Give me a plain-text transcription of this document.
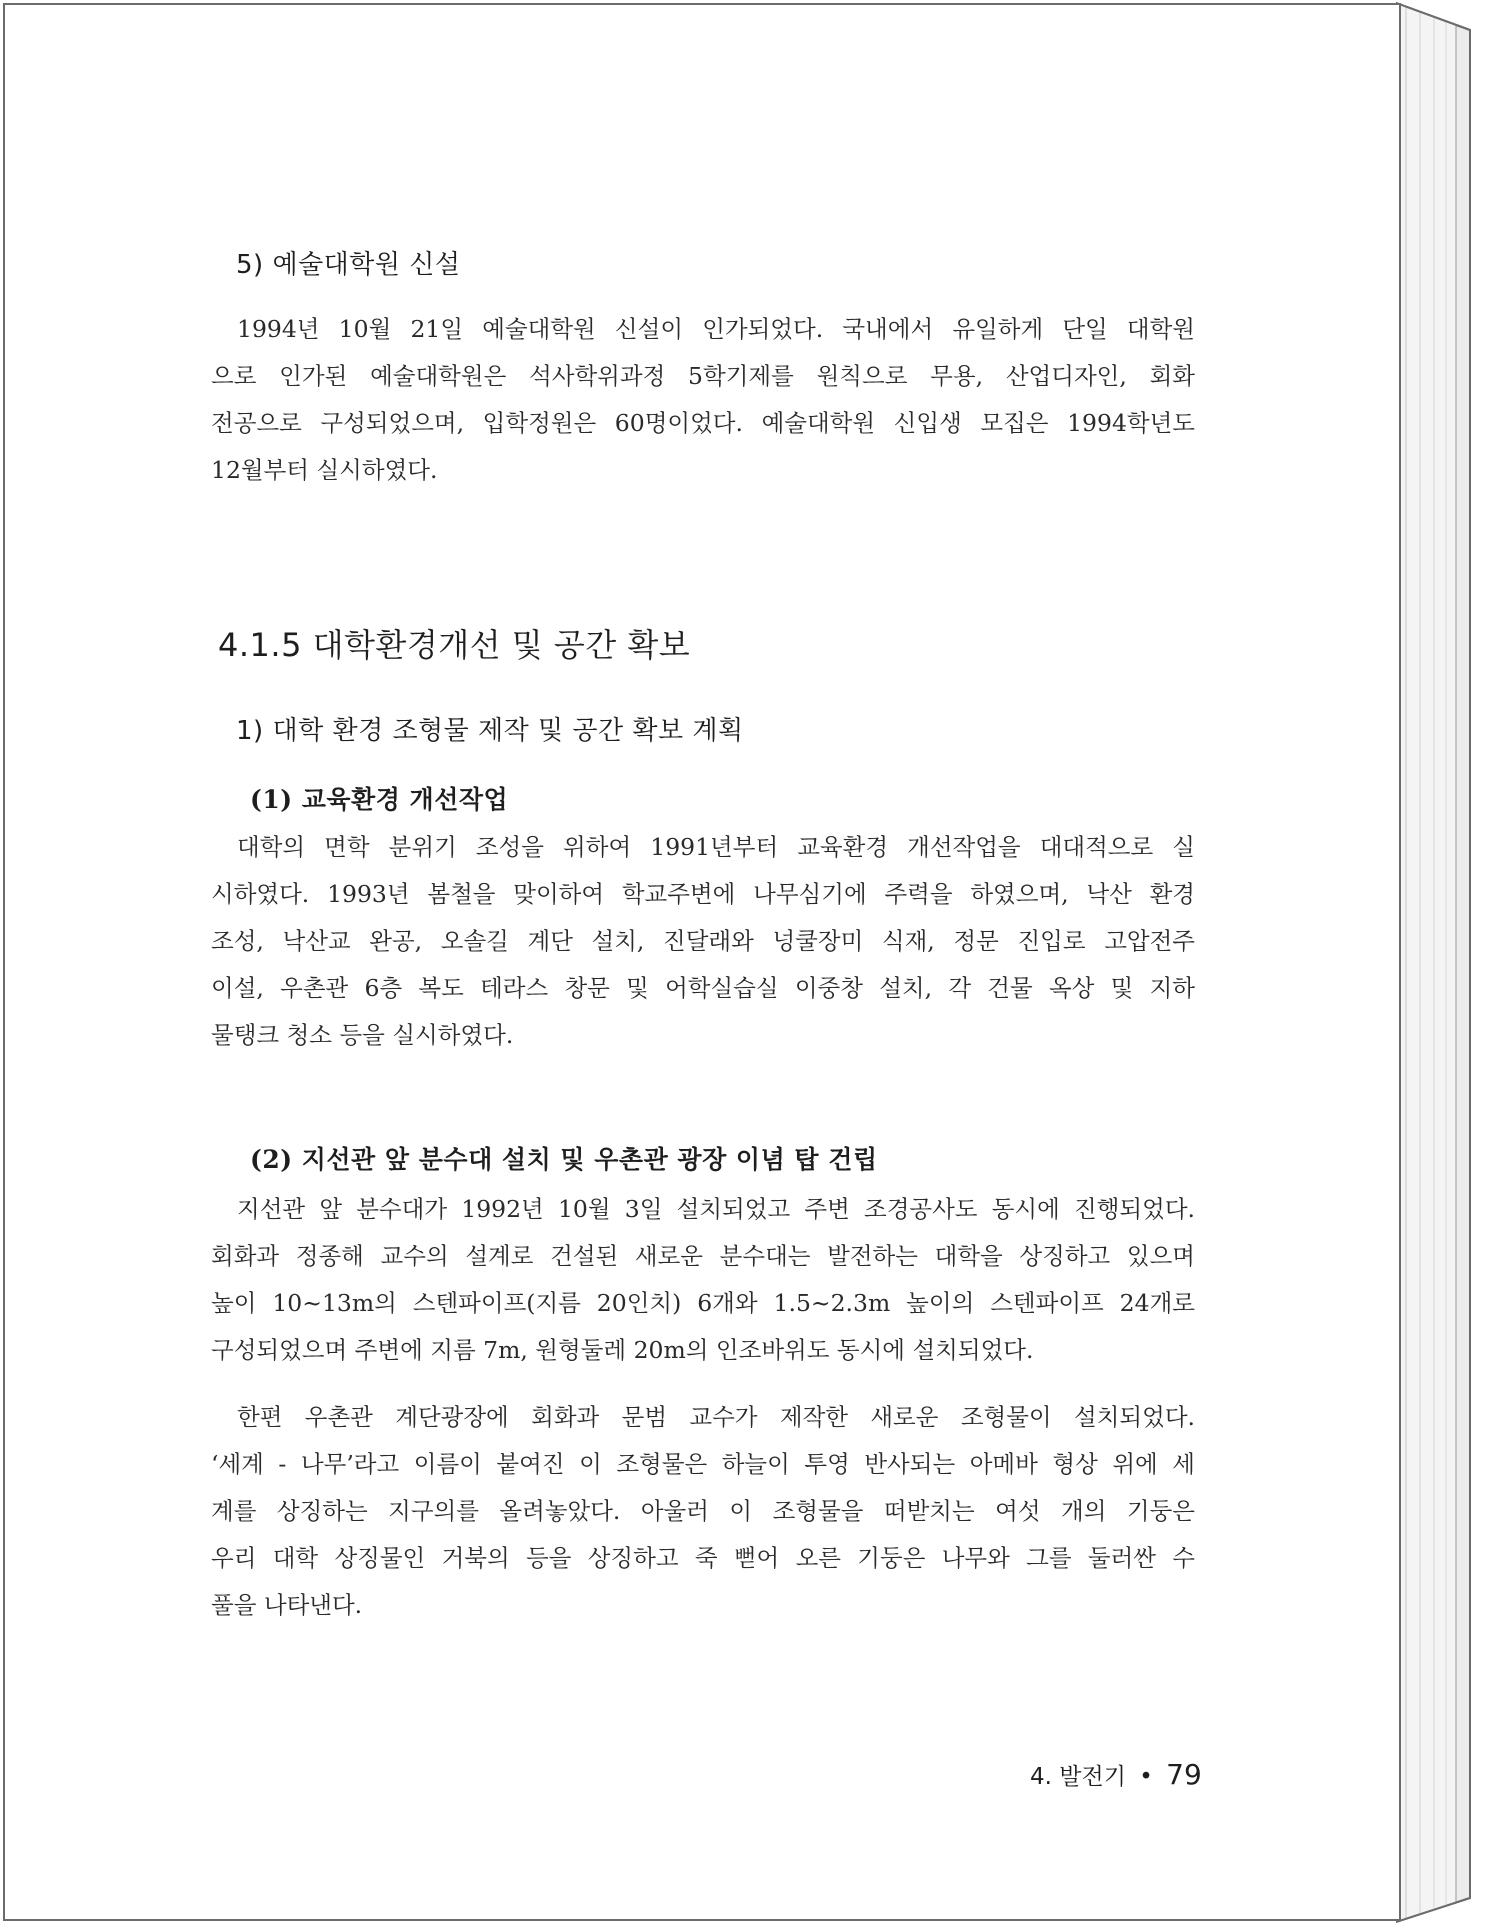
5) 예술대학원 신설
1994년 10월 21일 예술대학원 신설이 인가되었다. 국내에서 유일하게 단일 대학원
으로 인가된 예술대학원은 석사학위과정 5학기제를 원칙으로 무용, 산업디자인, 회화
전공으로 구성되었으며, 입학정원은 60명이었다. 예술대학원 신입생 모집은 1994학년도
12월부터 실시하였다.
4.1.5 대학환경개선 및 공간 확보
1) 대학 환경 조형물 제작 및 공간 확보 계획
(1) 교육환경 개선작업
대학의 면학 분위기 조성을 위하여 1991년부터 교육환경 개선작업을 대대적으로 실
시하였다. 1993년 봄철을 맞이하여 학교주변에 나무심기에 주력을 하였으며, 낙산 환경
조성, 낙산교 완공, 오솔길 계단 설치, 진달래와 넝쿨장미 식재, 정문 진입로 고압전주
이설, 우촌관 6층 복도 테라스 창문 및 어학실습실 이중창 설치, 각 건물 옥상 및 지하
물탱크 청소 등을 실시하였다.
(2) 지선관 앞 분수대 설치 및 우촌관 광장 이념 탑 건립
지선관 앞 분수대가 1992년 10월 3일 설치되었고 주변 조경공사도 동시에 진행되었다.
회화과 정종해 교수의 설계로 건설된 새로운 분수대는 발전하는 대학을 상징하고 있으며
높이 10~13m의 스텐파이프(지름 20인치) 6개와 1.5~2.3m 높이의 스텐파이프 24개로
구성되었으며 주변에 지름 7m, 원형둘레 20m의 인조바위도 동시에 설치되었다.
한편 우촌관 계단광장에 회화과 문범 교수가 제작한 새로운 조형물이 설치되었다.
‘세계 - 나무’라고 이름이 붙여진 이 조형물은 하늘이 투영 반사되는 아메바 형상 위에 세
계를 상징하는 지구의를 올려놓았다. 아울러 이 조형물을 떠받치는 여섯 개의 기둥은
우리 대학 상징물인 거북의 등을 상징하고 죽 뻗어 오른 기둥은 나무와 그를 둘러싼 수
풀을 나타낸다.
4. 발전기 • 79
